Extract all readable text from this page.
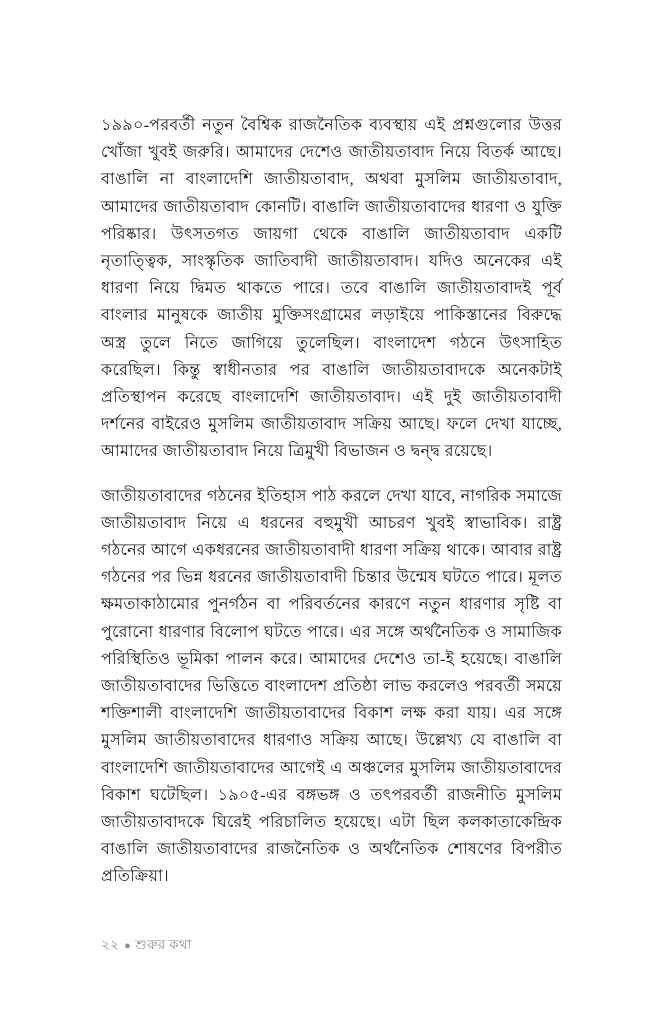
১৯৯০-পরবর্তী নতুন বৈশ্বিক রাজনৈতিক ব্যবস্থায় এই প্রশ্নগুলোর উত্তর খোঁজা খুবই জরুরি। আমাদের দেশেও জাতীয়তাবাদ নিয়ে বিতর্ক আছে। বাঙালি না বাংলাদেশি জাতীয়তাবাদ, অথবা মুসলিম জাতীয়তাবাদ, আমাদের জাতীয়তাবাদ কোনটি। বাঙালি জাতীয়তাবাদের ধারণা ও যুক্তি পরিষ্কার। উৎসতগত জায়গা থেকে বাঙালি জাতীয়তাবাদ একটি নৃতাত্ত্বিক, সাংস্কৃতিক জাতিবাদী জাতীয়তাবাদ। যদিও অনেকের এই ধারণা নিয়ে দ্বিমত থাকতে পারে। তবে বাঙালি জাতীয়তাবাদই পূর্ব বাংলার মানুষকে জাতীয় মুক্তিসংগ্রামের লড়াইয়ে পাকিস্তানের বিরুদ্ধে অস্ত্র তুলে নিতে জাগিয়ে তুলেছিল। বাংলাদেশ গঠনে উৎসাহিত করেছিল। কিন্তু স্বাধীনতার পর বাঙালি জাতীয়তাবাদকে অনেকটাই প্রতিস্থাপন করেছে বাংলাদেশি জাতীয়তাবাদ। এই দুই জাতীয়তাবাদী দর্শনের বাইরেও মুসলিম জাতীয়তাবাদ সক্রিয় আছে। ফলে দেখা যাচ্ছে, আমাদের জাতীয়তাবাদ নিয়ে ত্রিমুখী বিভাজন ও দ্বন্দ্ব রয়েছে।

জাতীয়তাবাদের গঠনের ইতিহাস পাঠ করলে দেখা যাবে, নাগরিক সমাজে জাতীয়তাবাদ নিয়ে এ ধরনের বহুমুখী আচরণ খুবই স্বাভাবিক। রাষ্ট্র গঠনের আগে একধরনের জাতীয়তাবাদী ধারণা সক্রিয় থাকে। আবার রাষ্ট্র গঠনের পর ভিন্ন ধরনের জাতীয়তাবাদী চিন্তার উন্মেষ ঘটতে পারে। মূলত ক্ষমতাকাঠামোর পুনর্গঠন বা পরিবর্তনের কারণে নতুন ধারণার সৃষ্টি বা পুরোনো ধারণার বিলোপ ঘটতে পারে। এর সঙ্গে অর্থনৈতিক ও সামাজিক পরিস্থিতিও ভূমিকা পালন করে। আমাদের দেশেও তা-ই হয়েছে। বাঙালি জাতীয়তাবাদের ভিত্তিতে বাংলাদেশ প্রতিষ্ঠা লাভ করলেও পরবর্তী সময়ে শক্তিশালী বাংলাদেশি জাতীয়তাবাদের বিকাশ লক্ষ করা যায়। এর সঙ্গে মুসলিম জাতীয়তাবাদের ধারণাও সক্রিয় আছে। উল্লেখ্য যে বাঙালি বা বাংলাদেশি জাতীয়তাবাদের আগেই এ অঞ্চলের মুসলিম জাতীয়তাবাদের বিকাশ ঘটেছিল। ১৯০৫-এর বঙ্গভঙ্গ ও তৎপরবর্তী রাজনীতি মুসলিম জাতীয়তাবাদকে ঘিরেই পরিচালিত হয়েছে। এটা ছিল কলকাতাকেন্দ্রিক বাঙালি জাতীয়তাবাদের রাজনৈতিক ও অর্থনৈতিক শোষণের বিপরীত প্রতিক্রিয়া।

২২ ● শুরুর কথা
